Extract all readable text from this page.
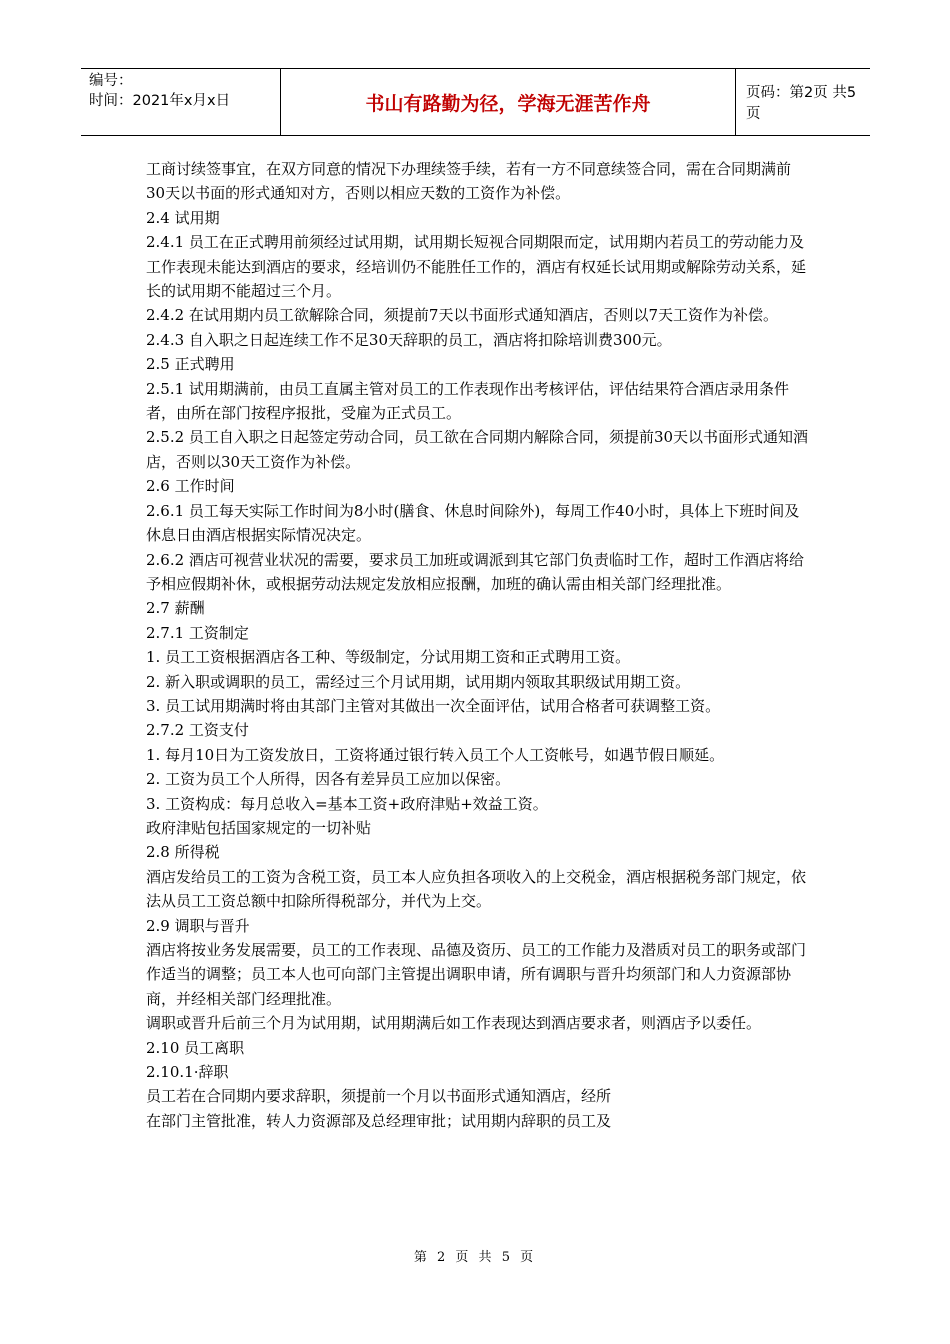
编号：
时间：2021年x月x日	书山有路勤为径，学海无涯苦作舟	页码：第2页 共5页

工商讨续签事宜，在双方同意的情况下办理续签手续，若有一方不同意续签合同，需在合同期满前30天以书面的形式通知对方，否则以相应天数的工资作为补偿。

2.4 试用期

2.4.1 员工在正式聘用前须经过试用期，试用期长短视合同期限而定，试用期内若员工的劳动能力及工作表现未能达到酒店的要求，经培训仍不能胜任工作的，酒店有权延长试用期或解除劳动关系，延长的试用期不能超过三个月。

2.4.2 在试用期内员工欲解除合同，须提前7天以书面形式通知酒店，否则以7天工资作为补偿。

2.4.3 自入职之日起连续工作不足30天辞职的员工，酒店将扣除培训费300元。

2.5 正式聘用

2.5.1 试用期满前，由员工直属主管对员工的工作表现作出考核评估，评估结果符合酒店录用条件者，由所在部门按程序报批，受雇为正式员工。

2.5.2 员工自入职之日起签定劳动合同，员工欲在合同期内解除合同，须提前30天以书面形式通知酒店，否则以30天工资作为补偿。

2.6 工作时间

2.6.1 员工每天实际工作时间为8小时(膳食、休息时间除外)，每周工作40小时，具体上下班时间及休息日由酒店根据实际情况决定。

2.6.2 酒店可视营业状况的需要，要求员工加班或调派到其它部门负责临时工作，超时工作酒店将给予相应假期补休，或根据劳动法规定发放相应报酬，加班的确认需由相关部门经理批准。

2.7 薪酬

2.7.1 工资制定

1. 员工工资根据酒店各工种、等级制定，分试用期工资和正式聘用工资。

2. 新入职或调职的员工，需经过三个月试用期，试用期内领取其职级试用期工资。

3. 员工试用期满时将由其部门主管对其做出一次全面评估，试用合格者可获调整工资。

2.7.2 工资支付

1. 每月10日为工资发放日，工资将通过银行转入员工个人工资帐号，如遇节假日顺延。

2. 工资为员工个人所得，因各有差异员工应加以保密。

3. 工资构成：每月总收入=基本工资+政府津贴+效益工资。

政府津贴包括国家规定的一切补贴

2.8 所得税

酒店发给员工的工资为含税工资，员工本人应负担各项收入的上交税金，酒店根据税务部门规定，依法从员工工资总额中扣除所得税部分，并代为上交。

2.9 调职与晋升

酒店将按业务发展需要，员工的工作表现、品德及资历、员工的工作能力及潜质对员工的职务或部门作适当的调整；员工本人也可向部门主管提出调职申请，所有调职与晋升均须部门和人力资源部协商，并经相关部门经理批准。

调职或晋升后前三个月为试用期，试用期满后如工作表现达到酒店要求者，则酒店予以委任。

2.10 员工离职

2.10.1·辞职

员工若在合同期内要求辞职，须提前一个月以书面形式通知酒店，经所

在部门主管批准，转人力资源部及总经理审批；试用期内辞职的员工及

第 2 页 共 5 页
